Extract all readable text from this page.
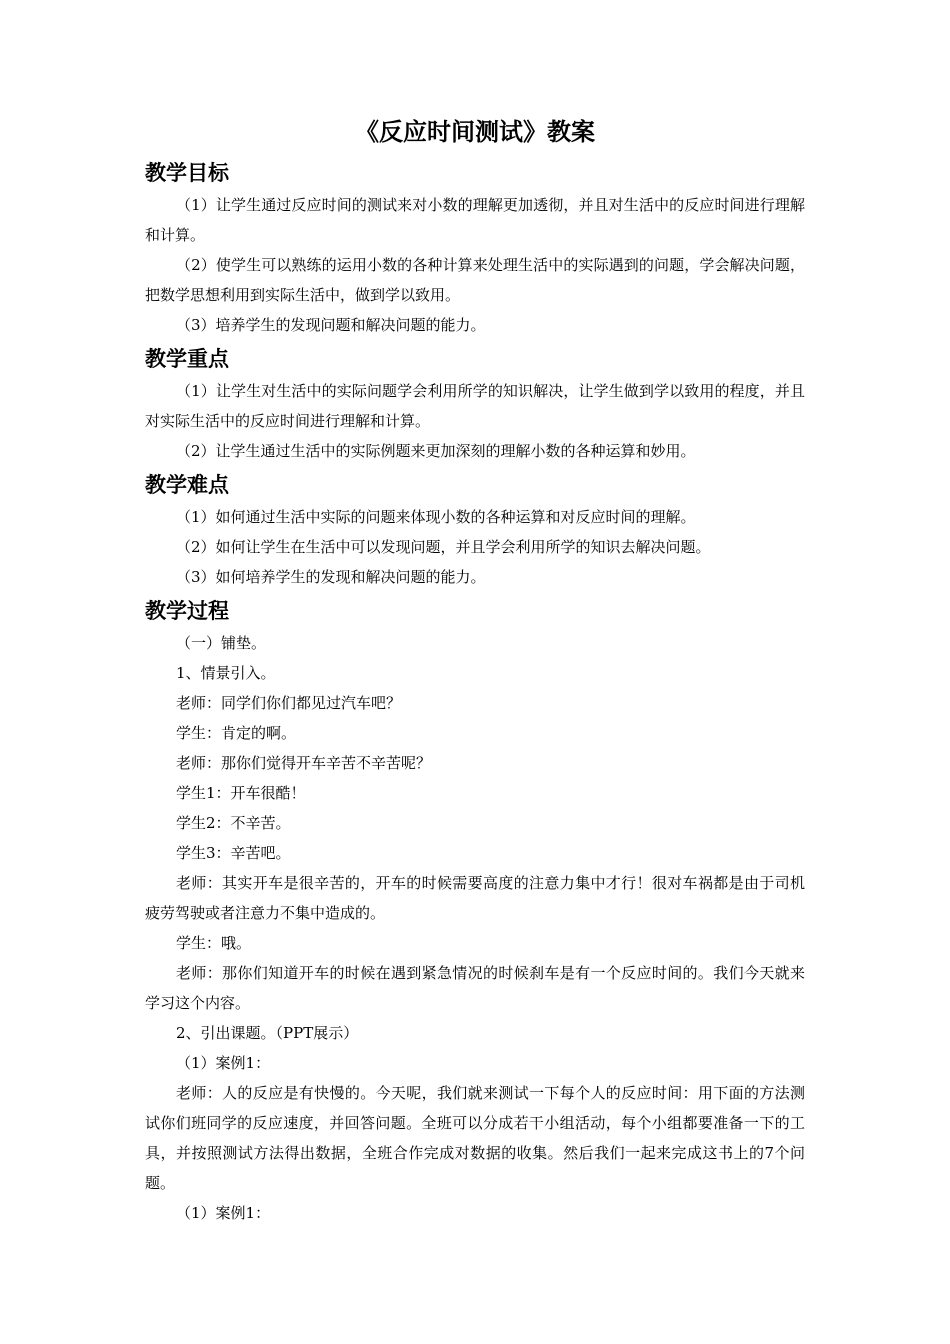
《反应时间测试》教案
教学目标

（1）让学生通过反应时间的测试来对小数的理解更加透彻，并且对生活中的反应时间进行理解和计算。

（2）使学生可以熟练的运用小数的各种计算来处理生活中的实际遇到的问题，学会解决问题，把数学思想利用到实际生活中，做到学以致用。

（3）培养学生的发现问题和解决问题的能力。

教学重点

（1）让学生对生活中的实际问题学会利用所学的知识解决，让学生做到学以致用的程度，并且对实际生活中的反应时间进行理解和计算。

（2）让学生通过生活中的实际例题来更加深刻的理解小数的各种运算和妙用。

教学难点

（1）如何通过生活中实际的问题来体现小数的各种运算和对反应时间的理解。

（2）如何让学生在生活中可以发现问题，并且学会利用所学的知识去解决问题。

（3）如何培养学生的发现和解决问题的能力。

教学过程

（一）铺垫。

1、情景引入。

老师：同学们你们都见过汽车吧？

学生：肯定的啊。

老师：那你们觉得开车辛苦不辛苦呢？

学生1：开车很酷！

学生2：不辛苦。

学生3：辛苦吧。

老师：其实开车是很辛苦的，开车的时候需要高度的注意力集中才行！很对车祸都是由于司机疲劳驾驶或者注意力不集中造成的。

学生：哦。

老师：那你们知道开车的时候在遇到紧急情况的时候刹车是有一个反应时间的。我们今天就来学习这个内容。

2、引出课题。（PPT展示）

（1）案例1：

老师：人的反应是有快慢的。今天呢，我们就来测试一下每个人的反应时间：用下面的方法测试你们班同学的反应速度，并回答问题。全班可以分成若干小组活动，每个小组都要准备一下的工具，并按照测试方法得出数据，全班合作完成对数据的收集。然后我们一起来完成这书上的7个问题。

（1）案例1：
